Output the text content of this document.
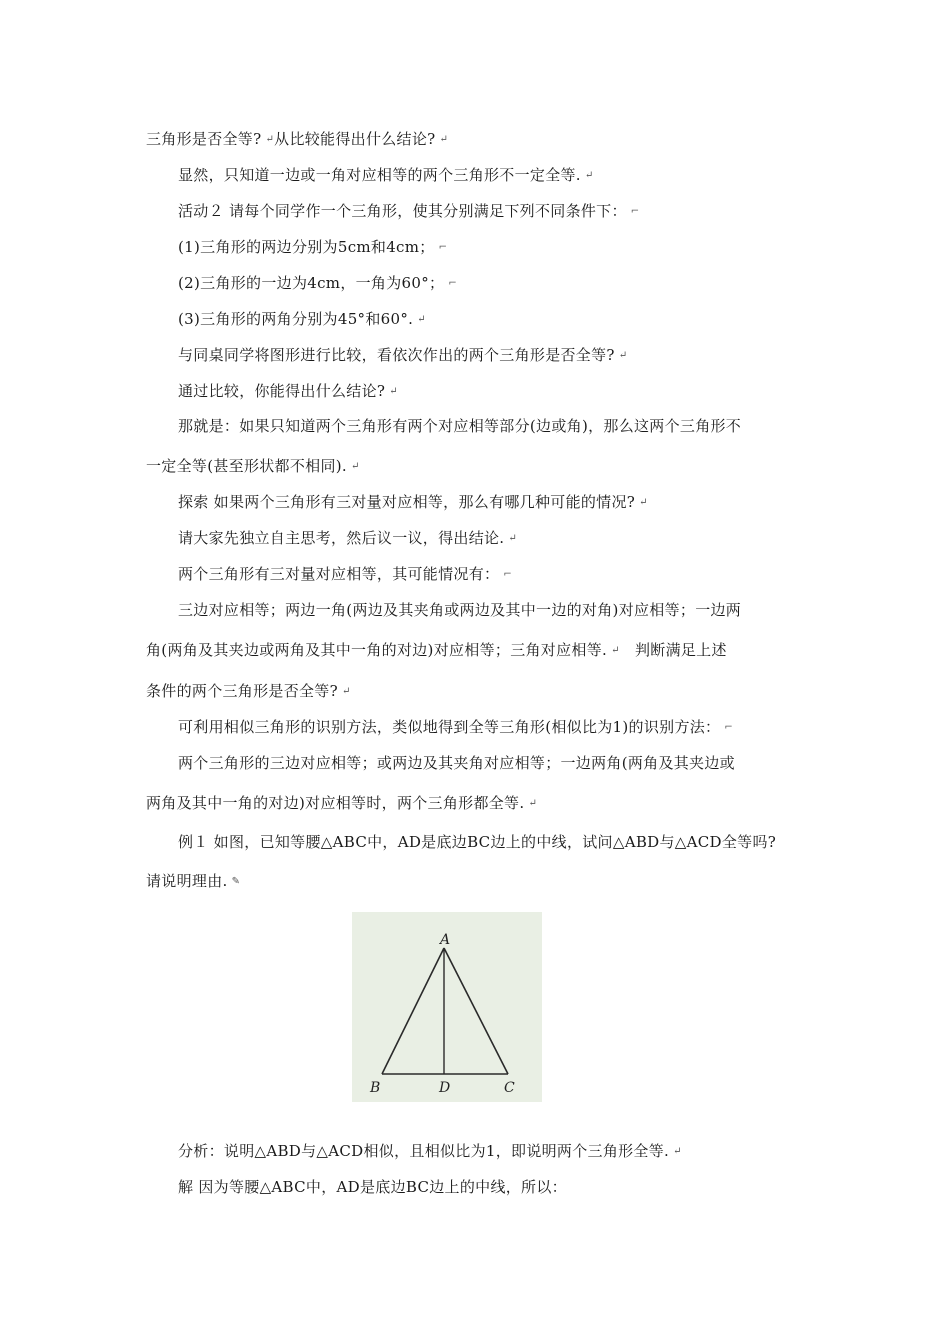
三角形是否全等? ↵从比较能得出什么结论? ↵
显然，只知道一边或一角对应相等的两个三角形不一定全等. ↵
活动２ 请每个同学作一个三角形，使其分别满足下列不同条件下： ⌐
(1)三角形的两边分别为5cm和4cm； ⌐
(2)三角形的一边为4cm，一角为60°； ⌐
(3)三角形的两角分别为45°和60°. ↵
与同桌同学将图形进行比较，看依次作出的两个三角形是否全等? ↵
通过比较，你能得出什么结论? ↵
那就是：如果只知道两个三角形有两个对应相等部分(边或角)，那么这两个三角形不
一定全等(甚至形状都不相同). ↵
探索 如果两个三角形有三对量对应相等，那么有哪几种可能的情况? ↵
请大家先独立自主思考，然后议一议，得出结论. ↵
两个三角形有三对量对应相等，其可能情况有： ⌐
三边对应相等；两边一角(两边及其夹角或两边及其中一边的对角)对应相等；一边两
角(两角及其夹边或两角及其中一角的对边)对应相等；三角对应相等. ↵ 判断满足上述
条件的两个三角形是否全等? ↵
可利用相似三角形的识别方法，类似地得到全等三角形(相似比为1)的识别方法： ⌐
两个三角形的三边对应相等；或两边及其夹角对应相等；一边两角(两角及其夹边或
两角及其中一角的对边)对应相等时，两个三角形都全等. ↵
例１ 如图，已知等腰△ABC中，AD是底边BC边上的中线，试问△ABD与△ACD全等吗?
请说明理由. ✎
A
B	D	C
分析：说明△ABD与△ACD相似，且相似比为1，即说明两个三角形全等. ↵
解 因为等腰△ABC中，AD是底边BC边上的中线，所以：
